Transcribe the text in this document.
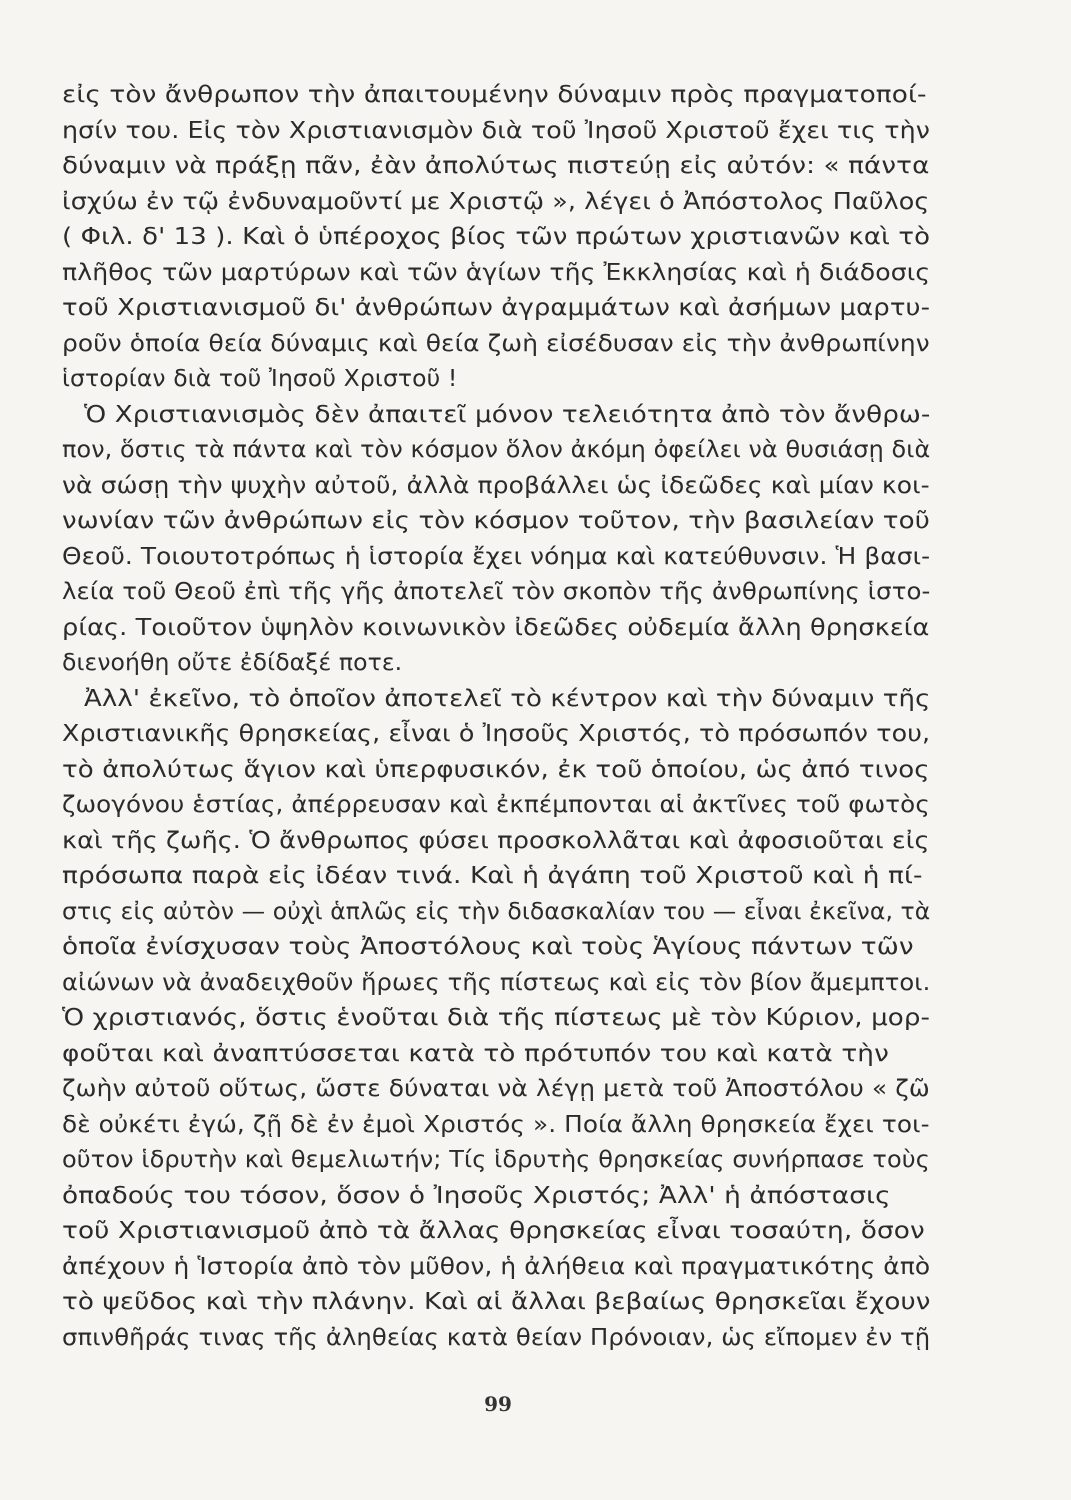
εἰς τὸν ἄνθρωπον τὴν ἀπαιτουμένην δύναμιν πρὸς πραγματοποί-
ησίν του. Εἰς τὸν Χριστιανισμὸν διὰ τοῦ Ἰησοῦ Χριστοῦ ἔχει τις τὴν
δύναμιν νὰ πράξῃ πᾶν, ἐὰν ἀπολύτως πιστεύῃ εἰς αὐτόν: « πάντα
ἰσχύω ἐν τῷ ἐνδυναμοῦντί με Χριστῷ », λέγει ὁ Ἀπόστολος Παῦλος
( Φιλ. δ' 13 ). Καὶ ὁ ὑπέροχος βίος τῶν πρώτων χριστιανῶν καὶ τὸ
πλῆθος τῶν μαρτύρων καὶ τῶν ἁγίων τῆς Ἐκκλησίας καὶ ἡ διάδοσις
τοῦ Χριστιανισμοῦ δι' ἀνθρώπων ἀγραμμάτων καὶ ἀσήμων μαρτυ-
ροῦν ὁποία θεία δύναμις καὶ θεία ζωὴ εἰσέδυσαν εἰς τὴν ἀνθρωπίνην
ἱστορίαν διὰ τοῦ Ἰησοῦ Χριστοῦ !
Ὁ Χριστιανισμὸς δὲν ἀπαιτεῖ μόνον τελειότητα ἀπὸ τὸν ἄνθρω-
πον, ὅστις τὰ πάντα καὶ τὸν κόσμον ὅλον ἀκόμη ὀφείλει νὰ θυσιάσῃ διὰ
νὰ σώσῃ τὴν ψυχὴν αὐτοῦ, ἀλλὰ προβάλλει ὡς ἰδεῶδες καὶ μίαν κοι-
νωνίαν τῶν ἀνθρώπων εἰς τὸν κόσμον τοῦτον, τὴν βασιλείαν τοῦ
Θεοῦ. Τοιουτοτρόπως ἡ ἱστορία ἔχει νόημα καὶ κατεύθυνσιν. Ἡ βασι-
λεία τοῦ Θεοῦ ἐπὶ τῆς γῆς ἀποτελεῖ τὸν σκοπὸν τῆς ἀνθρωπίνης ἱστο-
ρίας. Τοιοῦτον ὑψηλὸν κοινωνικὸν ἰδεῶδες οὐδεμία ἄλλη θρησκεία
διενοήθη οὔτε ἐδίδαξέ ποτε.
Ἀλλ' ἐκεῖνο, τὸ ὁποῖον ἀποτελεῖ τὸ κέντρον καὶ τὴν δύναμιν τῆς
Χριστιανικῆς θρησκείας, εἶναι ὁ Ἰησοῦς Χριστός, τὸ πρόσωπόν του,
τὸ ἀπολύτως ἅγιον καὶ ὑπερφυσικόν, ἐκ τοῦ ὁποίου, ὡς ἀπό τινος
ζωογόνου ἑστίας, ἀπέρρευσαν καὶ ἐκπέμπονται αἱ ἀκτῖνες τοῦ φωτὸς
καὶ τῆς ζωῆς. Ὁ ἄνθρωπος φύσει προσκολλᾶται καὶ ἀφοσιοῦται εἰς
πρόσωπα παρὰ εἰς ἰδέαν τινά. Καὶ ἡ ἀγάπη τοῦ Χριστοῦ καὶ ἡ πί-
στις εἰς αὐτὸν — οὐχὶ ἁπλῶς εἰς τὴν διδασκαλίαν του — εἶναι ἐκεῖνα, τὰ
ὁποῖα ἐνίσχυσαν τοὺς Ἀποστόλους καὶ τοὺς Ἁγίους πάντων τῶν
αἰώνων νὰ ἀναδειχθοῦν ἥρωες τῆς πίστεως καὶ εἰς τὸν βίον ἄμεμπτοι.
Ὁ χριστιανός, ὅστις ἑνοῦται διὰ τῆς πίστεως μὲ τὸν Κύριον, μορ-
φοῦται καὶ ἀναπτύσσεται κατὰ τὸ πρότυπόν του καὶ κατὰ τὴν
ζωὴν αὐτοῦ οὕτως, ὥστε δύναται νὰ λέγῃ μετὰ τοῦ Ἀποστόλου « ζῶ
δὲ οὐκέτι ἐγώ, ζῇ δὲ ἐν ἐμοὶ Χριστός ». Ποία ἄλλη θρησκεία ἔχει τοι-
οῦτον ἱδρυτὴν καὶ θεμελιωτήν; Τίς ἱδρυτὴς θρησκείας συνήρπασε τοὺς
ὀπαδούς του τόσον, ὅσον ὁ Ἰησοῦς Χριστός; Ἀλλ' ἡ ἀπόστασις
τοῦ Χριστιανισμοῦ ἀπὸ τὰ ἄλλας θρησκείας εἶναι τοσαύτη, ὅσον
ἀπέχουν ἡ Ἱστορία ἀπὸ τὸν μῦθον, ἡ ἀλήθεια καὶ πραγματικότης ἀπὸ
τὸ ψεῦδος καὶ τὴν πλάνην. Καὶ αἱ ἄλλαι βεβαίως θρησκεῖαι ἔχουν
σπινθῆράς τινας τῆς ἀληθείας κατὰ θείαν Πρόνοιαν, ὡς εἴπομεν ἐν τῇ
99
